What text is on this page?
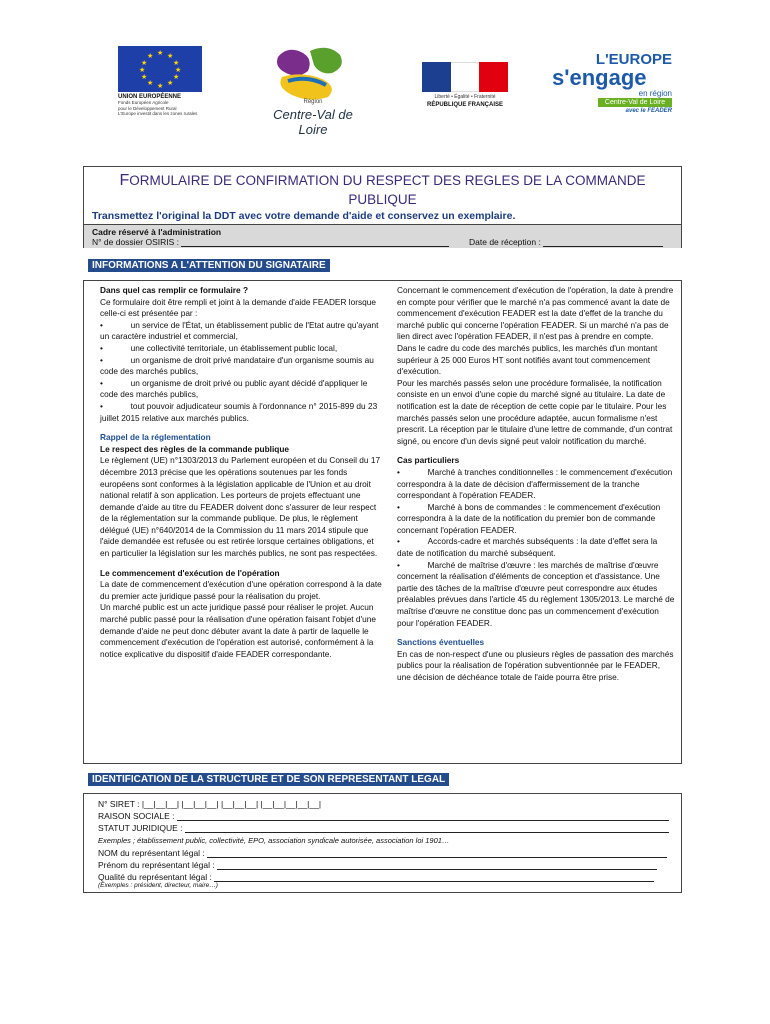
★ ★
★
★
★
★
★
★
★
★
★
★
UNION EUROPÉENNE
Fonds Européen Agricole
pour le Développement Rural
L'Europe investit dans les zones rurales
Région
Centre-Val de Loire
Liberté • Égalité • Fraternité
RÉPUBLIQUE FRANÇAISE
L'EUROPE
s'engage
en région
Centre-Val de Loire
avec le FEADER
FORMULAIRE DE CONFIRMATION DU RESPECT DES REGLES DE LA COMMANDE
PUBLIQUE
Transmettez l'original la DDT avec votre demande d'aide et conservez un exemplaire.
Cadre réservé à l'administration
N° de dossier OSIRIS :	Date de réception :
INFORMATIONS A L'ATTENTION DU SIGNATAIRE

Dans quel cas remplir ce formulaire ?

Ce formulaire doit être rempli et joint à la demande d'aide FEADER lorsque celle-ci est présentée par :

•            un service de l'État, un établissement public de l'Etat autre qu'ayant un caractère industriel et commercial,

•            une collectivité territoriale, un établissement public local,

•            un organisme de droit privé mandataire d'un organisme soumis au code des marchés publics,

•            un organisme de droit privé ou public ayant décidé d'appliquer le code des marchés publics,

•            tout pouvoir adjudicateur soumis à l'ordonnance n° 2015-899 du 23 juillet 2015 relative aux marchés publics.

Rappel de la réglementation

Le respect des règles de la commande publique

Le règlement (UE) n°1303/2013 du Parlement européen et du Conseil du 17 décembre 2013 précise que les opérations soutenues par les fonds européens sont conformes à la législation applicable de l'Union et au droit national relatif à son application. Les porteurs de projets effectuant une demande d'aide au titre du FEADER doivent donc s'assurer de leur respect de la réglementation sur la commande publique. De plus, le règlement délégué (UE) n°640/2014 de la Commission du 11 mars 2014 stipule que l'aide demandée est refusée ou est retirée lorsque certaines obligations, et en particulier la législation sur les marchés publics, ne sont pas respectées.

Le commencement d'exécution de l'opération

La date de commencement d'exécution d'une opération correspond à la date du premier acte juridique passé pour la réalisation du projet.

Un marché public est un acte juridique passé pour réaliser le projet. Aucun marché public passé pour la réalisation d'une opération faisant l'objet d'une demande d'aide ne peut donc débuter avant la date à partir de laquelle le commencement d'exécution de l'opération est autorisé, conformément à la notice explicative du dispositif d'aide FEADER correspondante.

Concernant le commencement d'exécution de l'opération, la date à prendre en compte pour vérifier que le marché n'a pas commencé avant la date de commencement d'exécution FEADER est la date d'effet de la tranche du marché public qui concerne l'opération FEADER. Si un marché n'a pas de lien direct avec l'opération FEADER, il n'est pas à prendre en compte.

Dans le cadre du code des marchés publics, les marchés d'un montant supérieur à 25 000 Euros HT sont notifiés avant tout commencement d'exécution.

Pour les marchés passés selon une procédure formalisée, la notification consiste en un envoi d'une copie du marché signé au titulaire. La date de notification est la date de réception de cette copie par le titulaire. Pour les marchés passés selon une procédure adaptée, aucun formalisme n'est prescrit. La réception par le titulaire d'une lettre de commande, d'un contrat signé, ou encore d'un devis signé peut valoir notification du marché.

Cas particuliers

•            Marché à tranches conditionnelles : le commencement d'exécution correspondra à la date de décision d'affermissement de la tranche correspondant à l'opération FEADER.

•            Marché à bons de commandes : le commencement d'exécution correspondra à la date de la notification du premier bon de commande concernant l'opération FEADER.

•            Accords-cadre et marchés subséquents : la date d'effet sera la date de notification du marché subséquent.

•            Marché de maîtrise d'œuvre : les marchés de maîtrise d'œuvre concernent la réalisation d'éléments de conception et d'assistance. Une partie des tâches de la maîtrise d'œuvre peut correspondre aux études préalables prévues dans l'article 45 du règlement 1305/2013. Le marché de maîtrise d'œuvre ne constitue donc pas un commencement d'exécution pour l'opération FEADER.

Sanctions éventuelles

En cas de non-respect d'une ou plusieurs règles de passation des marchés publics pour la réalisation de l'opération subventionnée par le FEADER, une décision de déchéance totale de l'aide pourra être prise.

IDENTIFICATION DE LA STRUCTURE ET DE SON REPRESENTANT LEGAL
N° SIRET : |__|__|__| |__|__|__| |__|__|__| |__|__|__|__|__|
RAISON SOCIALE :
STATUT JURIDIQUE :
Exemples ; établissement public, collectivité, EPO, association syndicale autorisée, association loi 1901…
NOM du représentant légal :
Prénom du représentant légal :
Qualité du représentant légal :
(Exemples : président, directeur, maire…)
